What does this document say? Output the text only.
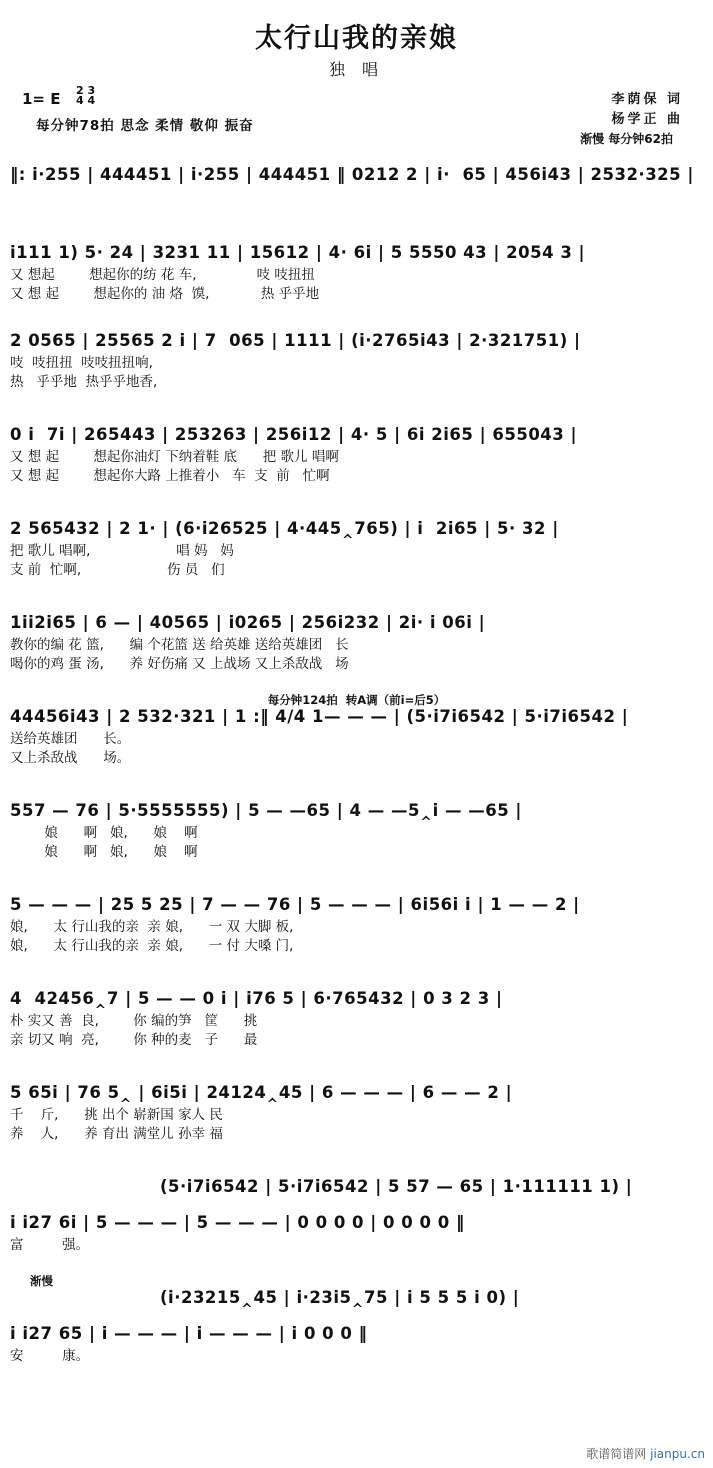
太行山我的亲娘
独 唱
1= E 2 3
4 4
每分钟78拍 思念 柔情 敬仰 振奋
李荫保 词
杨学正 曲
渐慢 每分钟62拍
‖: i·255 | 444451 | i·255 | 444451 ‖ 0212 2 | i·  65 | 456i43 | 2532·325 |
i111 1) 5· 24 | 3231 11 | 15612 | 4· 6i | 5 5550 43 | 2054 3 |
又 想起        想起你的纺 花 车,              吱 吱扭扭
又 想 起        想起你的 油 烙  馍,            热 乎乎地
2 0565 | 25565 2 i | 7  065 | 1111 | (i·2765i43 | 2·321751) |
吱  吱扭扭  吱吱扭扭响,
热   乎乎地  热乎乎地香,
0 i  7i | 265443 | 253263 | 256i12 | 4· 5 | 6i 2i65 | 655043 |
又 想 起        想起你油灯 下纳着鞋 底      把 歌儿 唱啊
又 想 起        想起你大路 上推着小   车  支  前   忙啊
2 565432 | 2 1· | (6·i26525 | 4·445‸765) | i  2i65 | 5· 32 |
把 歌儿 唱啊,                    唱 妈   妈
支 前  忙啊,                    伤 员   们
1ii2i65 | 6 — | 40565 | i0265 | 256i232 | 2i· i 06i |
教你的编 花 篮,      编 个花篮 送 给英雄 送给英雄团   长
喝你的鸡 蛋 汤,      养 好伤痛 又 上战场 又上杀敌战   场
每分钟124拍  转A调（前i=后5）
44456i43 | 2 532·321 | 1 :‖ 4/4 1— — — | (5·i7i6542 | 5·i7i6542 |
送给英雄团      长。
又上杀敌战      场。
557 — 76 | 5·5555555) | 5 — —65 | 4 — —5‸i — —65 |
娘      啊   娘,      娘    啊
娘      啊   娘,      娘    啊
5 — — — | 25 5 25 | 7 — — 76 | 5 — — — | 6i56i i | 1 — — 2 |
娘,      太 行山我的亲  亲 娘,      一 双 大脚 板,
娘,      太 行山我的亲  亲 娘,      一 付 大嗓 门,
4  42456‸7 | 5 — — 0 i | i76 5 | 6·765432 | 0 3 2 3 |
朴 实又 善  良,        你 编的笋   筐      挑
亲 切又 响  亮,        你 种的麦   子      最
5 65i | 76 5‸ | 6i5i | 24124‸45 | 6 — — — | 6 — — 2 |
千    斤,      挑 出个 崭新国 家人 民
养    人,      养 育出 满堂儿 孙幸 福
(5·i7i6542 | 5·i7i6542 | 5 57 — 65 | 1·111111 1) |
i i27 6i | 5 — — — | 5 — — — | 0 0 0 0 | 0 0 0 0 ‖
富         强。
渐慢
(i·23215‸45 | i·23i5‸75 | i 5 5 5 i 0) |
i i27 65 | i — — — | i — — — | i 0 0 0 ‖
安         康。
歌谱简谱网 jianpu.cn
